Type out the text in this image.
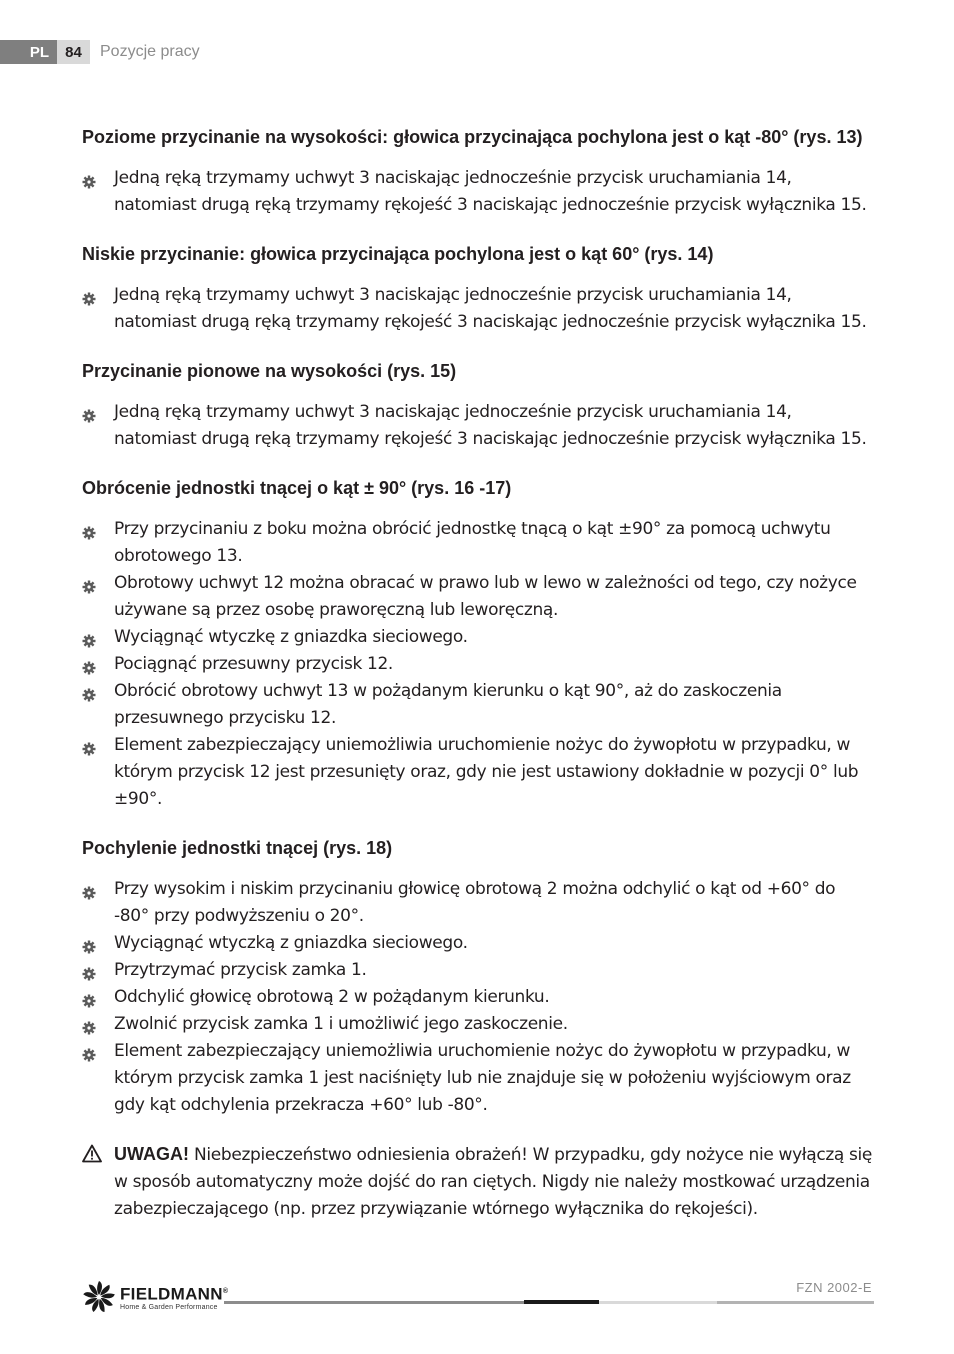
PL	84	Pozycje pracy
Poziome przycinanie na wysokości: głowica przycinająca pochylona jest o kąt -80° (rys. 13)
Jedną ręką trzymamy uchwyt 3 naciskając jednocześnie przycisk uruchamiania 14, natomiast drugą ręką trzymamy rękojeść 3 naciskając jednocześnie przycisk wyłącznika 15.
Niskie przycinanie: głowica przycinająca pochylona jest o kąt 60° (rys. 14)
Jedną ręką trzymamy uchwyt 3 naciskając jednocześnie przycisk uruchamiania 14, natomiast drugą ręką trzymamy rękojeść 3 naciskając jednocześnie przycisk wyłącznika 15.
Przycinanie pionowe na wysokości (rys. 15)
Jedną ręką trzymamy uchwyt 3 naciskając jednocześnie przycisk uruchamiania 14, natomiast drugą ręką trzymamy rękojeść 3 naciskając jednocześnie przycisk wyłącznika 15.
Obrócenie jednostki tnącej o kąt ± 90° (rys. 16 -17)
Przy przycinaniu z boku można obrócić jednostkę tnącą o kąt ±90° za pomocą uchwytu obrotowego 13.
Obrotowy uchwyt 12 można obracać w prawo lub w lewo w zależności od tego, czy nożyce używane są przez osobę praworęczną lub leworęczną.
Wyciągnąć wtyczkę z gniazdka sieciowego.
Pociągnąć przesuwny przycisk 12.
Obrócić obrotowy uchwyt 13 w pożądanym kierunku o kąt 90°, aż do zaskoczenia przesuwnego przycisku 12.
Element zabezpieczający uniemożliwia uruchomienie nożyc do żywopłotu w przypadku, w którym przycisk 12 jest przesunięty oraz, gdy nie jest ustawiony dokładnie w pozycji 0° lub ±90°.
Pochylenie jednostki tnącej (rys. 18)
Przy wysokim i niskim przycinaniu głowicę obrotową 2 można odchylić o kąt od +60° do -80° przy podwyższeniu o 20°.
Wyciągnąć wtyczką z gniazdka sieciowego.
Przytrzymać przycisk zamka 1.
Odchylić głowicę obrotową 2 w pożądanym kierunku.
Zwolnić przycisk zamka 1 i umożliwić jego zaskoczenie.
Element zabezpieczający uniemożliwia uruchomienie nożyc do żywopłotu w przypadku, w którym przycisk zamka 1 jest naciśnięty lub nie znajduje się w położeniu wyjściowym oraz gdy kąt odchylenia przekracza +60° lub -80°.
UWAGA! Niebezpieczeństwo odniesienia obrażeń! W przypadku, gdy nożyce nie wyłączą się w sposób automatyczny może dojść do ran ciętych. Nigdy nie należy mostkować urządzenia zabezpieczającego (np. przez przywiązanie wtórnego wyłącznika do rękojeści).
FIELDMANN®
Home & Garden Performance
FZN 2002-E
